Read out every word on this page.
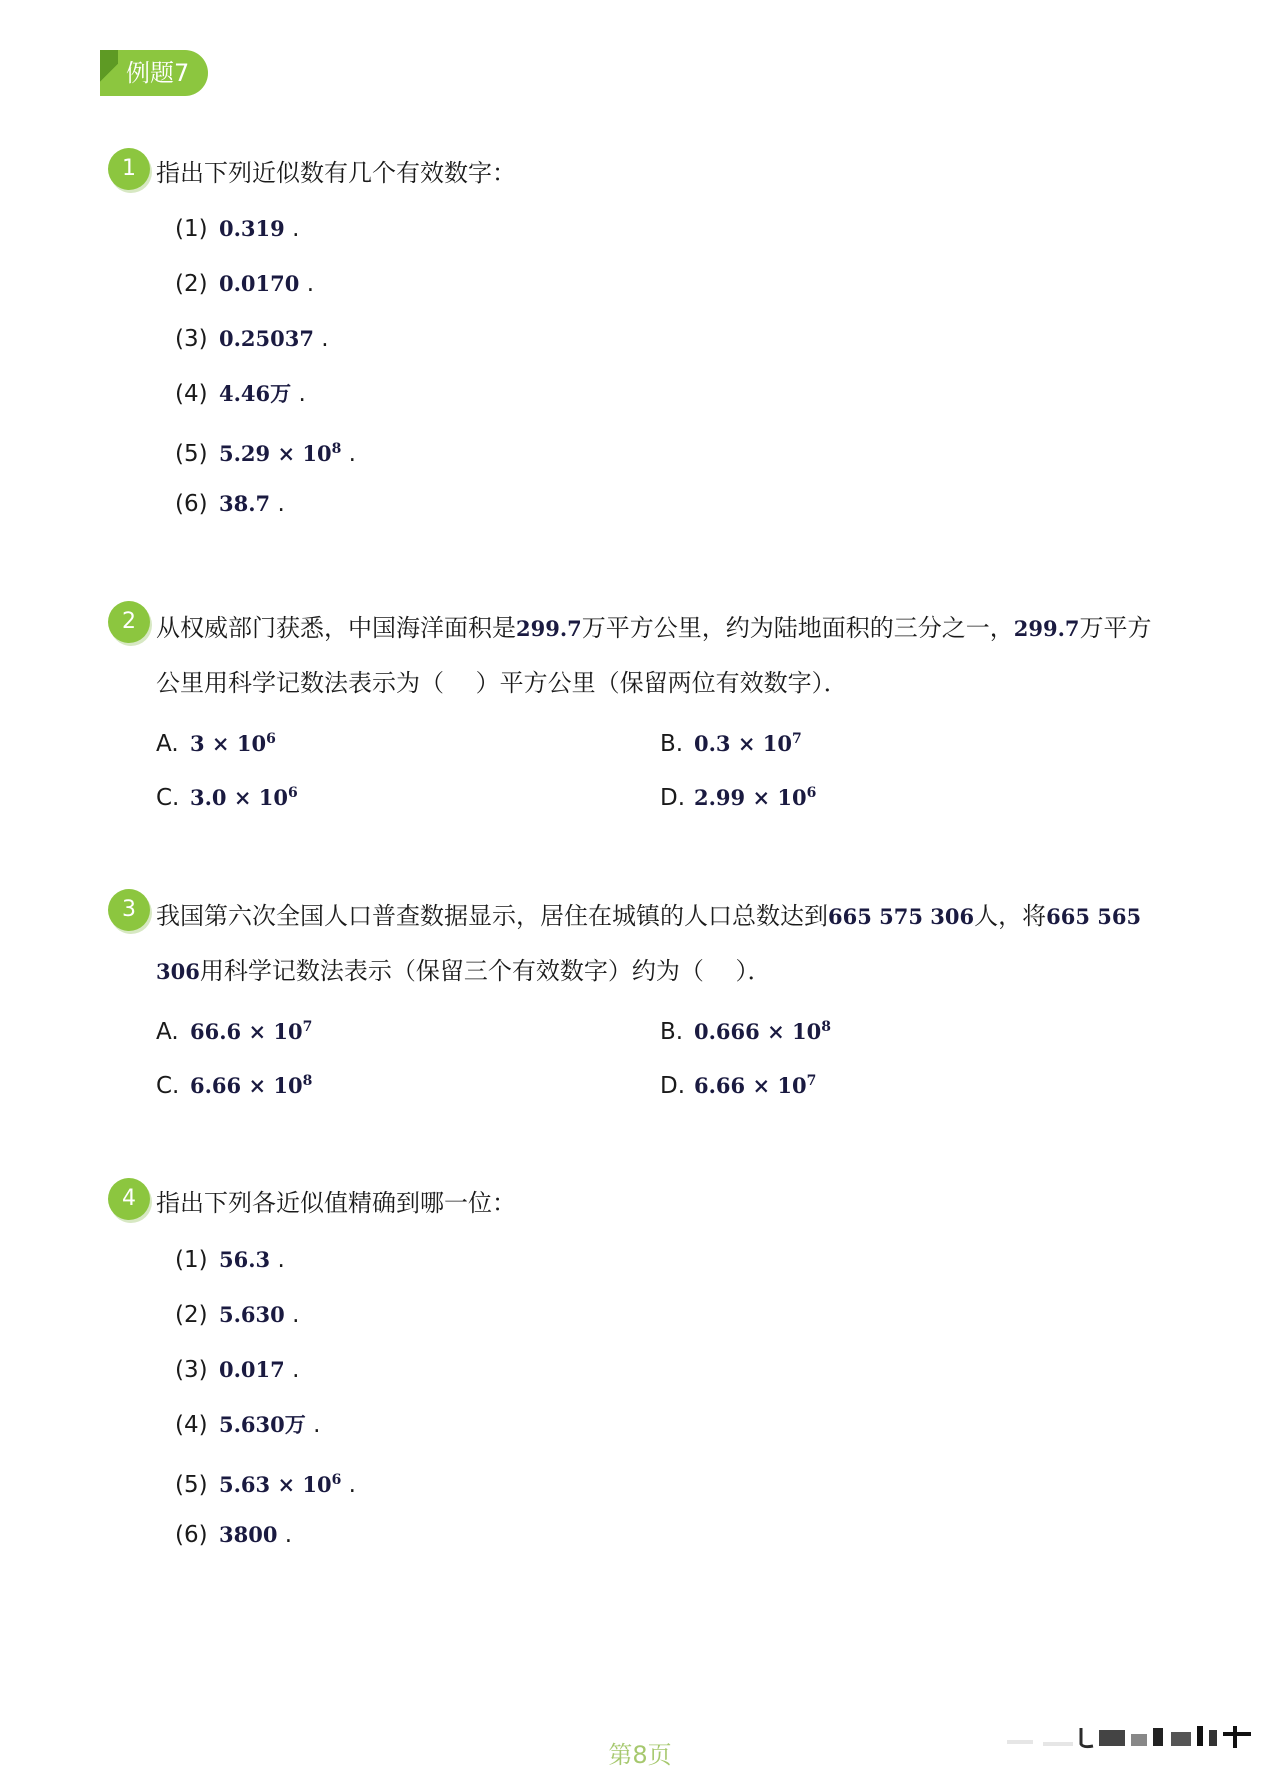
例题7
1 指出下列近似数有几个有效数字：
(1) 0.319 .
(2) 0.0170 .
(3) 0.25037 .
(4) 4.46万 .
(5) $5.29 \times 10^8$ .
(6) 38.7 .
2 从权威部门获悉，中国海洋面积是299.7万平方公里，约为陆地面积的三分之一，299.7万平方公里用科学记数法表示为（　 ）平方公里（保留两位有效数字）．
A. $3 \times 10^6$	B. $0.3 \times 10^7$
C. $3.0 \times 10^6$	D. $2.99 \times 10^6$
3 我国第六次全国人口普查数据显示，居住在城镇的人口总数达到665 575 306人，将665 565 306用科学记数法表示（保留三个有效数字）约为（　 ）．
A. $66.6 \times 10^7$	B. $0.666 \times 10^8$
C. $6.66 \times 10^8$	D. $6.66 \times 10^7$
4 指出下列各近似值精确到哪一位：
(1) 56.3 .
(2) 5.630 .
(3) 0.017 .
(4) 5.630万 .
(5) $5.63 \times 10^6$ .
(6) 3800 .
第8页
